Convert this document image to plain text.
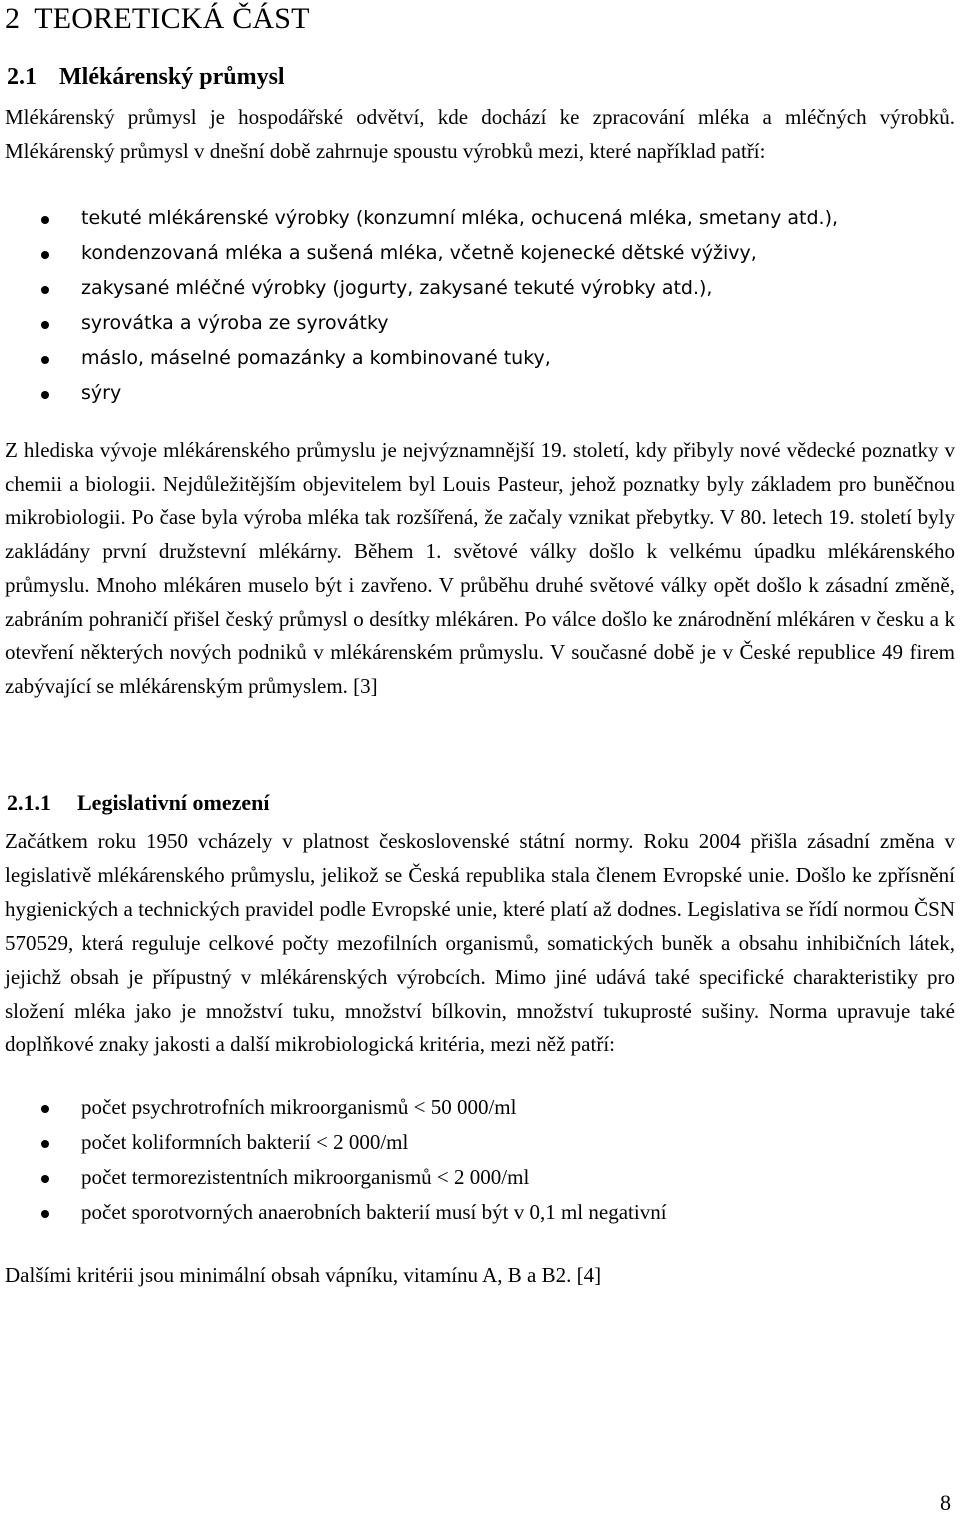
2 TEORETICKÁ ČÁST
2.1 Mlékárenský průmysl

Mlékárenský průmysl je hospodářské odvětví, kde dochází ke zpracování mléka a mléčných výrobků. Mlékárenský průmysl v dnešní době zahrnuje spoustu výrobků mezi, které například patří:

tekuté mlékárenské výrobky (konzumní mléka, ochucená mléka, smetany atd.),
kondenzovaná mléka a sušená mléka, včetně kojenecké dětské výživy,
zakysané mléčné výrobky (jogurty, zakysané tekuté výrobky atd.),
syrovátka a výroba ze syrovátky
máslo, máselné pomazánky a kombinované tuky,
sýry

Z hlediska vývoje mlékárenského průmyslu je nejvýznamnější 19. století, kdy přibyly nové vědecké poznatky v chemii a biologii. Nejdůležitějším objevitelem byl Louis Pasteur, jehož poznatky byly základem pro buněčnou mikrobiologii. Po čase byla výroba mléka tak rozšířená, že začaly vznikat přebytky. V 80. letech 19. století byly zakládány první družstevní mlékárny. Během 1. světové války došlo k velkému úpadku mlékárenského průmyslu. Mnoho mlékáren muselo být i zavřeno. V průběhu druhé světové války opět došlo k zásadní změně, zabráním pohraničí přišel český průmysl o desítky mlékáren. Po válce došlo ke znárodnění mlékáren v česku a k otevření některých nových podniků v mlékárenském průmyslu. V současné době je v České republice 49 firem zabývající se mlékárenským průmyslem. [3]

2.1.1 Legislativní omezení

Začátkem roku 1950 vcházely v platnost československé státní normy. Roku 2004 přišla zásadní změna v legislativě mlékárenského průmyslu, jelikož se Česká republika stala členem Evropské unie. Došlo ke zpřísnění hygienických a technických pravidel podle Evropské unie, které platí až dodnes. Legislativa se řídí normou ČSN 570529, která reguluje celkové počty mezofilních organismů, somatických buněk a obsahu inhibičních látek, jejichž obsah je přípustný v mlékárenských výrobcích. Mimo jiné udává také specifické charakteristiky pro složení mléka jako je množství tuku, množství bílkovin, množství tukuprosté sušiny. Norma upravuje také doplňkové znaky jakosti a další mikrobiologická kritéria, mezi něž patří:

počet psychrotrofních mikroorganismů < 50 000/ml
počet koliformních bakterií < 2 000/ml
počet termorezistentních mikroorganismů < 2 000/ml
počet sporotvorných anaerobních bakterií musí být v 0,1 ml negativní

Dalšími kritérii jsou minimální obsah vápníku, vitamínu A, B a B2. [4]

8
